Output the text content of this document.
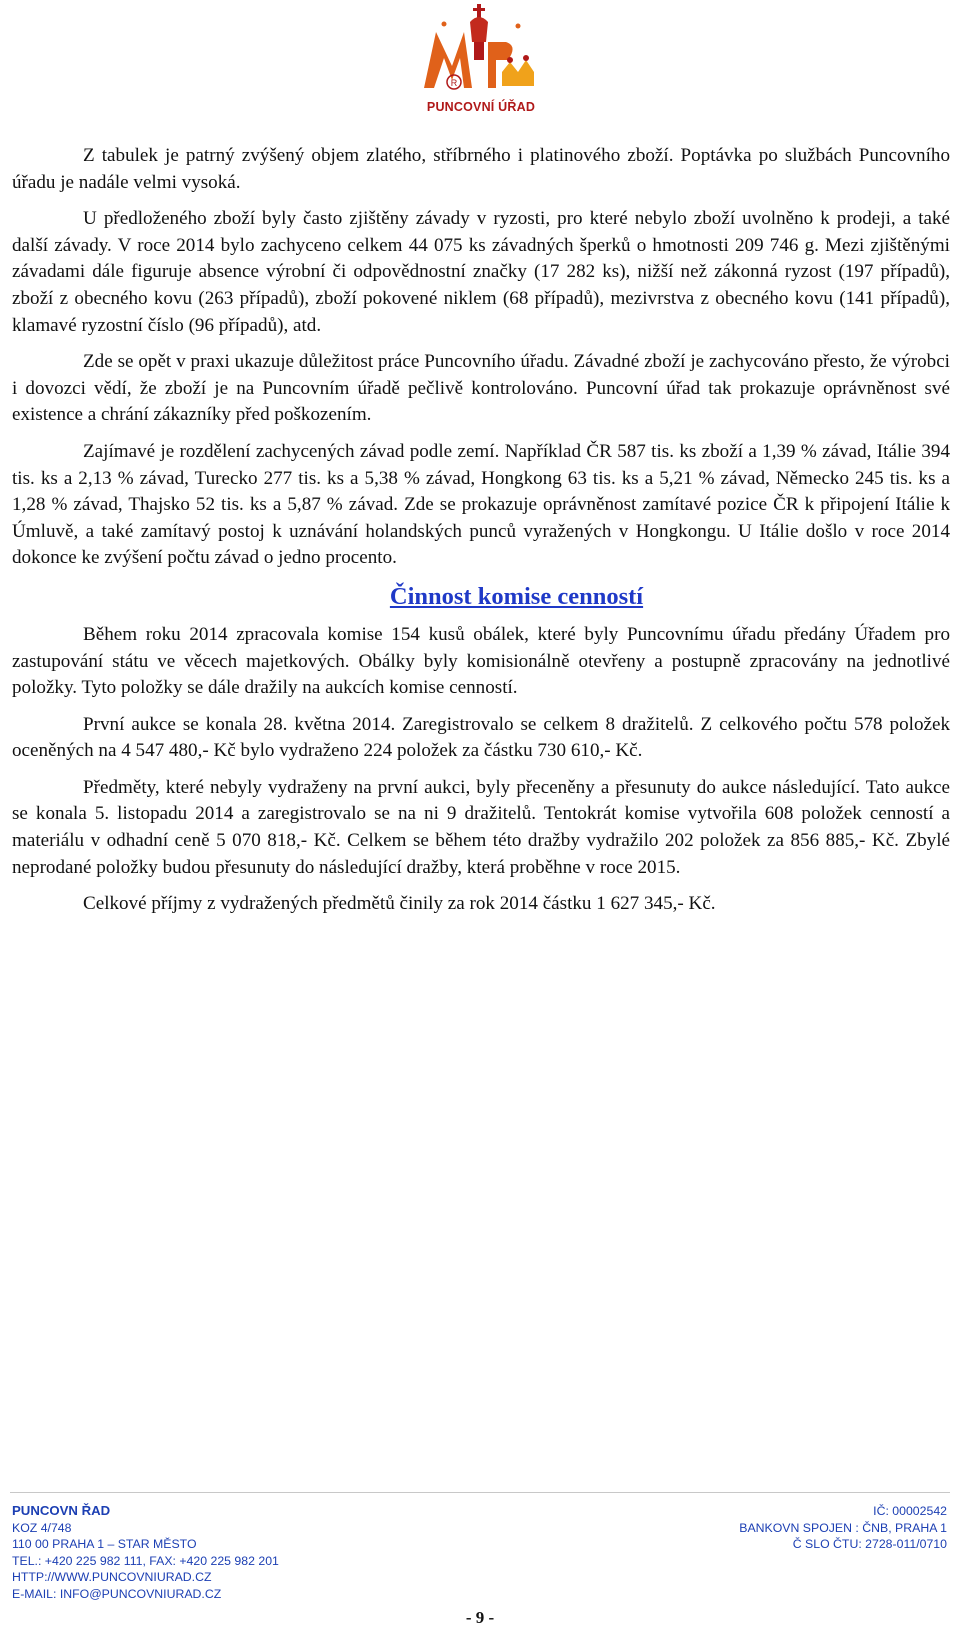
R
PUNCOVNÍ ÚŘAD

Z tabulek je patrný zvýšený objem zlatého, stříbrného i platinového zboží. Poptávka po službách Puncovního úřadu je nadále velmi vysoká.

U předloženého zboží byly často zjištěny závady v ryzosti, pro které nebylo zboží uvolněno k prodeji, a také další závady. V roce 2014 bylo zachyceno celkem 44 075 ks závadných šperků o hmotnosti 209 746 g. Mezi zjištěnými závadami dále figuruje absence výrobní či odpovědnostní značky (17 282 ks), nižší než zákonná ryzost (197 případů), zboží z obecného kovu (263 případů), zboží pokovené niklem (68 případů), mezivrstva z obecného kovu (141 případů), klamavé ryzostní číslo (96 případů), atd.

Zde se opět v praxi ukazuje důležitost práce Puncovního úřadu. Závadné zboží je zachycováno přesto, že výrobci i dovozci vědí, že zboží je na Puncovním úřadě pečlivě kontrolováno. Puncovní úřad tak prokazuje oprávněnost své existence a chrání zákazníky před poškozením.

Zajímavé je rozdělení zachycených závad podle zemí. Například ČR 587 tis. ks zboží a 1,39 % závad, Itálie 394 tis. ks a 2,13 % závad, Turecko 277 tis. ks a 5,38 % závad, Hongkong 63 tis. ks a 5,21 % závad, Německo 245 tis. ks a 1,28 % závad, Thajsko 52 tis. ks a 5,87 % závad. Zde se prokazuje oprávněnost zamítavé pozice ČR k připojení Itálie k Úmluvě, a také zamítavý postoj k uznávání holandských punců vyražených v Hongkongu. U Itálie došlo v roce 2014 dokonce ke zvýšení počtu závad o jedno procento.

Činnost komise cenností

Během roku 2014 zpracovala komise 154 kusů obálek, které byly Puncovnímu úřadu předány Úřadem pro zastupování státu ve věcech majetkových. Obálky byly komisionálně otevřeny a postupně zpracovány na jednotlivé položky. Tyto položky se dále dražily na aukcích komise cenností.

První aukce se konala 28. května 2014. Zaregistrovalo se celkem 8 dražitelů. Z celkového počtu 578 položek oceněných na 4 547 480,- Kč bylo vydraženo 224 položek za částku 730 610,- Kč.

Předměty, které nebyly vydraženy na první aukci, byly přeceněny a přesunuty do aukce následující. Tato aukce se konala 5. listopadu 2014 a zaregistrovalo se na ni 9 dražitelů. Tentokrát komise vytvořila 608 položek cenností a materiálu v odhadní ceně 5 070 818,- Kč. Celkem se během této dražby vydražilo 202 položek za 856 885,- Kč. Zbylé neprodané položky budou přesunuty do následující dražby, která proběhne v roce 2015.

Celkové příjmy z vydražených předmětů činily za rok 2014 částku 1 627 345,- Kč.

PUNCOVN ŘAD
KOZ 4/748
110 00 PRAHA 1 – STAR MĚSTO
TEL.: +420 225 982 111, FAX: +420 225 982 201
HTTP://WWW.PUNCOVNIURAD.CZ
E-MAIL: INFO@PUNCOVNIURAD.CZ
IČ: 00002542
BANKOVN SPOJEN : ČNB, PRAHA 1
Č SLO ČTU: 2728-011/0710
- 9 -
